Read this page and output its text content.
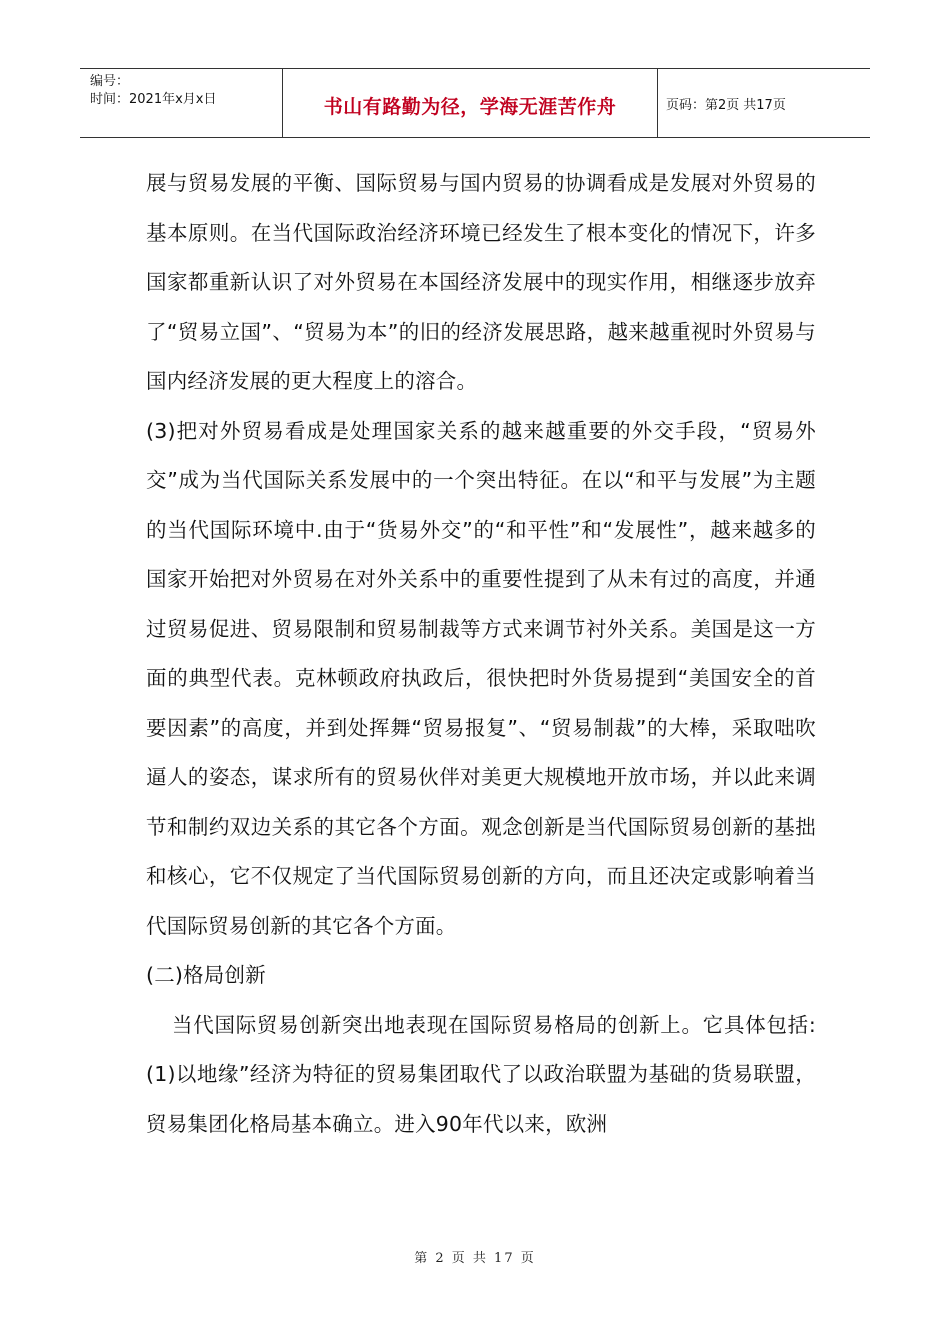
编号：
时间：2021年x月x日	书山有路勤为径，学海无涯苦作舟	页码：第2页 共17页

展与贸易发展的平衡、国际贸易与国内贸易的协调看成是发展对外贸易的基本原则。在当代国际政治经济环境已经发生了根本变化的情况下，许多国家都重新认识了对外贸易在本国经济发展中的现实作用，相继逐步放弃了“贸易立国”、“贸易为本”的旧的经济发展思路，越来越重视时外贸易与国内经济发展的更大程度上的溶合。

(3)把对外贸易看成是处理国家关系的越来越重要的外交手段，“贸易外交”成为当代国际关系发展中的一个突出特征。在以“和平与发展”为主题的当代国际环境中.由于“货易外交”的“和平性”和“发展性”，越来越多的国家开始把对外贸易在对外关系中的重要性提到了从未有过的高度，并通过贸易促进、贸易限制和贸易制裁等方式来调节衬外关系。美国是这一方面的典型代表。克林顿政府执政后，很快把时外货易提到“美国安全的首要因素”的高度，并到处挥舞“贸易报复”、“贸易制裁”的大棒，采取咄吹逼人的姿态，谋求所有的贸易伙伴对美更大规模地开放市场，并以此来调节和制约双边关系的其它各个方面。观念创新是当代国际贸易创新的基拙和核心，它不仅规定了当代国际贸易创新的方向，而且还决定或影响着当代国际贸易创新的其它各个方面。

(二)格局创新

当代国际贸易创新突出地表现在国际贸易格局的创新上。它具体包括:(1)以地缘”经济为特征的贸易集团取代了以政治联盟为基础的货易联盟，贸易集团化格局基本确立。进入90年代以来，欧洲

第 2 页 共 17 页
